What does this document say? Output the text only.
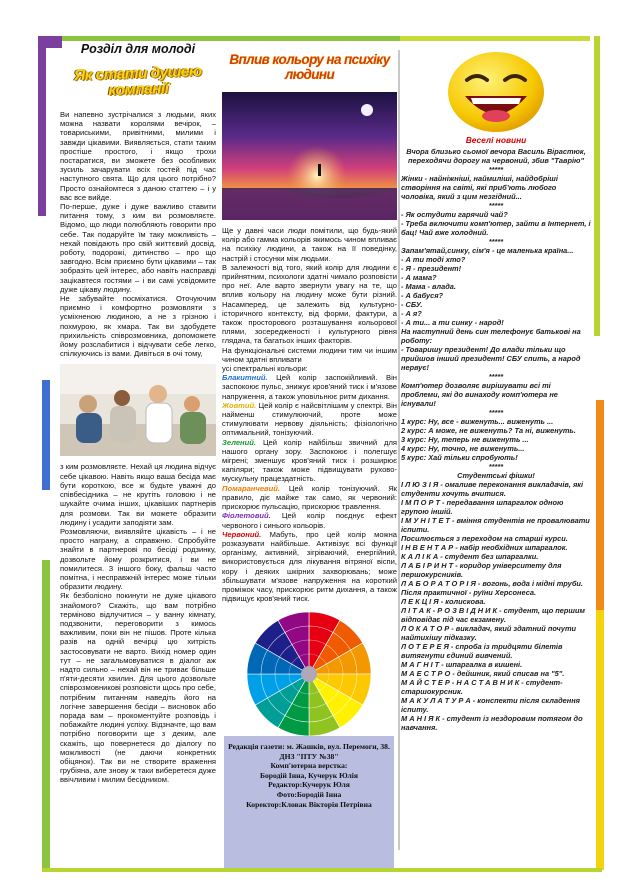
Розділ для молоді
Як стати душею компанії

Ви напевно зустрічалися з людьми, яких можна назвати королями вечірок, – товариськими, привітними, милими і завжди цікавими. Виявляється, стати таким простіше простого, і якщо трохи постаратися, ви зможете без особливих зусиль зачарувати всіх гостей під час наступного свята. Що для цього потрібно? Просто ознайомтеся з даною статтею – і у вас все вийде.

По-перше, дуже і дуже важливо ставити питання тому, з ким ви розмовляєте. Відомо, що люди полюбляють говорити про себе. Так подаруйте їм таку можливість – нехай повідають про свій життєвий досвід, роботу, подорожі, дитинство – про що завгодно. Всім приємно бути цікавими – так зобразіть цей інтерес, або навіть насправді зацікавтеся гостями – і ви самі усвідомите дуже цікаву людину.

Не забувайте посміхатися. Оточуючим приємно і комфортно розмовляти з усміхненою людиною, а не з грізною і похмурою, як хмара. Так ви здобудете прихильність співрозмовника, допоможете йому розслабитися і відчувати себе легко, спілкуючись із вами. Дивіться в очі тому,

з ким розмовляєте. Нехай ця людина відчує себе цікавою. Навіть якщо ваша бесіда має бути короткою, все ж будьте уважні до співбесідника – не крутіть головою і не шукайте очима інших, цікавіших партнерів для розмови. Так ви можете образити людину і усадити заподіяти зам.

Розмовляючи, виявляйте цікавість – і не просто награну, а справжню. Спробуйте знайти в партнерові по бесіді родзинку, дозвольте йому розкритися, і ви не помилитеся. З іншого боку, фальш часто помітна, і несправжній інтерес може тільки образити людину.

Як безболісно покинути не дуже цікавого знайомого? Скажіть, що вам потрібно терміново відлучитися – у ванну кімнату, подзвонити, переговорити з кимось важливим, поки він не пішов. Проте кілька разів на одній вечірці цю хитрість застосовувати не варто. Вихід номер один тут – не загальмовуватися в діалог аж надто сильно – нехай він не триває більше п'яти-десяти хвилин. Для цього дозвольте співрозмовникові розповісти щось про себе, потрібним питанням наведіть його на логічне завершення бесіди – висновок або порада вам – прокоментуйте розповідь і побажайте людині успіху. Відзначте, що вам потрібно поговорити ще з деким, але скажіть, що повернетеся до діалогу по можливості (не даючи конкретних обіцянок). Так ви не створите враження грубіяна, але знову ж таки виберетеся дуже ввічливим і милим бесідником.

Вплив кольору на психіку людини

Ще у давні часи люди помітили, що будь-який колір або гамма кольорів якимось чином впливає на психіку людини, а також на її поведінку, настрій і стосунки між людьми.

В залежності від того, який колір для людини є прийнятним, психологи здатні чимало розповісти про неї. Але варто звернути увагу на те, що вплив кольору на людину може бути різний. Насамперед, це залежить від культурно-історичного контексту, від форми, фактури, а також просторового розташування кольорової плями, зосередженості і культурного рівня глядача, та багатьох інших факторів.

На функціональні системи людини тим чи іншим чином здатні впливати

усі спектральні кольори:

Блакитний. Цей колір заспокійливий. Він заспокоює пульс, знижує кров'яний тиск і м'язове напруження, а також уповільнює ритм дихання.

Жовтий. Цей колір є найсвітлішим у спектрі. Він найменш стимулюючий, проте може стимулювати нервову діяльність; фізіологічно оптимальний, тонізуючий.

Зелений. Цей колір найбільш звичний для нашого органу зору. Заспокоює і полегшує мігрені; зменшує кров'яний тиск і розширює капіляри; також може підвищувати рухово-мускульну працездатність.

Помаранчевий. Цей колір тонізуючий. Як правило, діє майже так само, як червоний: прискорює пульсацію, прискорює травлення.

Фіолетовий. Цей колір поєднує ефект червоного і синього кольорів.

Червоний. Мабуть, про цей колір можна розказувати найбільше. Активізує всі функції організму, активний, зігріваючий, енергійний, використовується для лікування вітряної віспи, кору і деяких шкірних захворювань; може збільшувати м'язове напруження на короткий проміжок часу, прискорює ритм дихання, а також підвищує кров'яний тиск.

Редакція газети: м. Жашків, вул. Перемоги, 38. ДНЗ "ПТУ №38"
Комп'ютерна верстка:
Бородій Інна, Кучерук Юлія
Редактор:Кучерук Юля
Фото:Бородій Інна
Коректор:Кловак Вікторія Петрівна
Веселі новини
Вчора близько сьомої вечора Василь Вірастюк, переходячи дорогу на червоний, збив "Таврію"
*****
Жінки - найніжніші, наймиліші, найдобріші створіння на світі, які прибʼють любого чоловіка, який з цим незгідний...
*****
- Як остудити гарячий чай?
- Треба включити комп'ютер, зайти в Інтернет, і бац! Чай вже холодний.
*****
Запам'ятай,синку, сім'я - це маленька країна...
- А ти тоді хто?
- Я - президент!
- А мама?
- Мама - влада.
- А бабуся?
- СБУ.
- А я?
- А ти... а ти синку - народ!
На наступний день син телефонує батькові на роботу:
- Товаришу президент! До влади тільки що прийшов інший президент! СБУ спить, а народ нервує!
*****
Комп'ютер дозволяє вирішувати всі ті проблеми, які до винаходу комп'ютера не існували!
*****
1 курс: Ну, все - виженуть... виженуть ...
2 курс: А може, не виженуть? Та ні, виженуть.
3 курс: Ну, теперь не виженуть ...
4 курс: Ну, точно, не виженуть...
5 курс: Хай тільки спробують!
*****
Студентські фішки!
І Л Ю З І Я - омаливе переконання викладачів, які студенти хочуть вчитися.
І М П О Р Т - передавання шпаргалок одною групою іншій.
І М У Н І Т Е Т - вміння студентів не провалювати іспити.
Посилюється з переходом на старші курси.
І Н В Е Н Т А Р - набір необхідних шпаргалок.
К А Л І К А - студент без шпаргалки.
Л А Б І Р И Н Т - коридор університету для першокурсників.
Л А Б О Р А Т О Р І Я - вогонь, вода і мідні труби. Після практичної - руїни Херсонеса.
Л Е К Ц І Я - колискова.
Л І Т А К - Р О З В І Д Н И К - студент, що першим відповідає під час екзамену.
Л О К А Т О Р - викладач, який здатний почути найтихішу підказку.
Л О Т Е Р Е Я - спроба із тридцяти білетів витягнути єдиний вивчений.
М А Г Н І Т - шпаргалка в кишені.
М А Е С Т Р О - дейшник, який списав на "5".
М А Й С Т Е Р - Н А С Т А В Н И К - студент-старшокурсник.
М А К У Л А Т У Р А - конспекти після складення іспиту.
М А Н І Я К - студент із нездоровим потягом до навчання.
